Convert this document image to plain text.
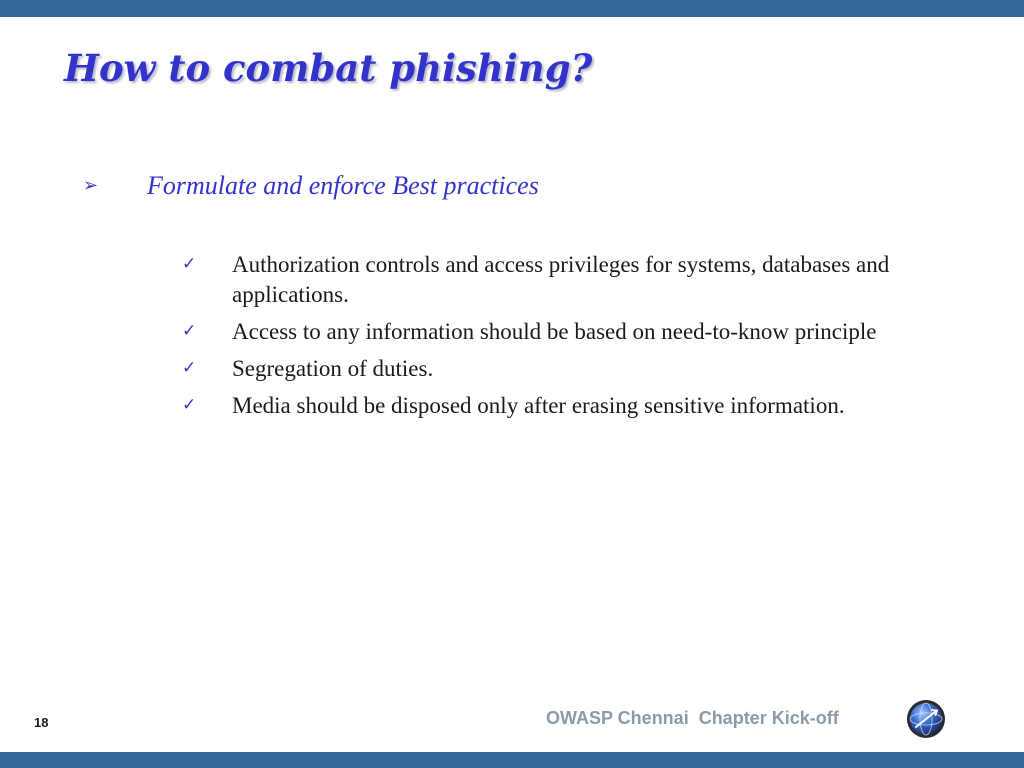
How to combat phishing?
➢ Formulate and enforce Best practices
✓ Authorization controls and access privileges for systems, databases and applications.
✓ Access to any information should be based on need-to-know principle
✓ Segregation of duties.
✓ Media should be disposed only after erasing sensitive information.
18	OWASP Chennai  Chapter Kick-off
